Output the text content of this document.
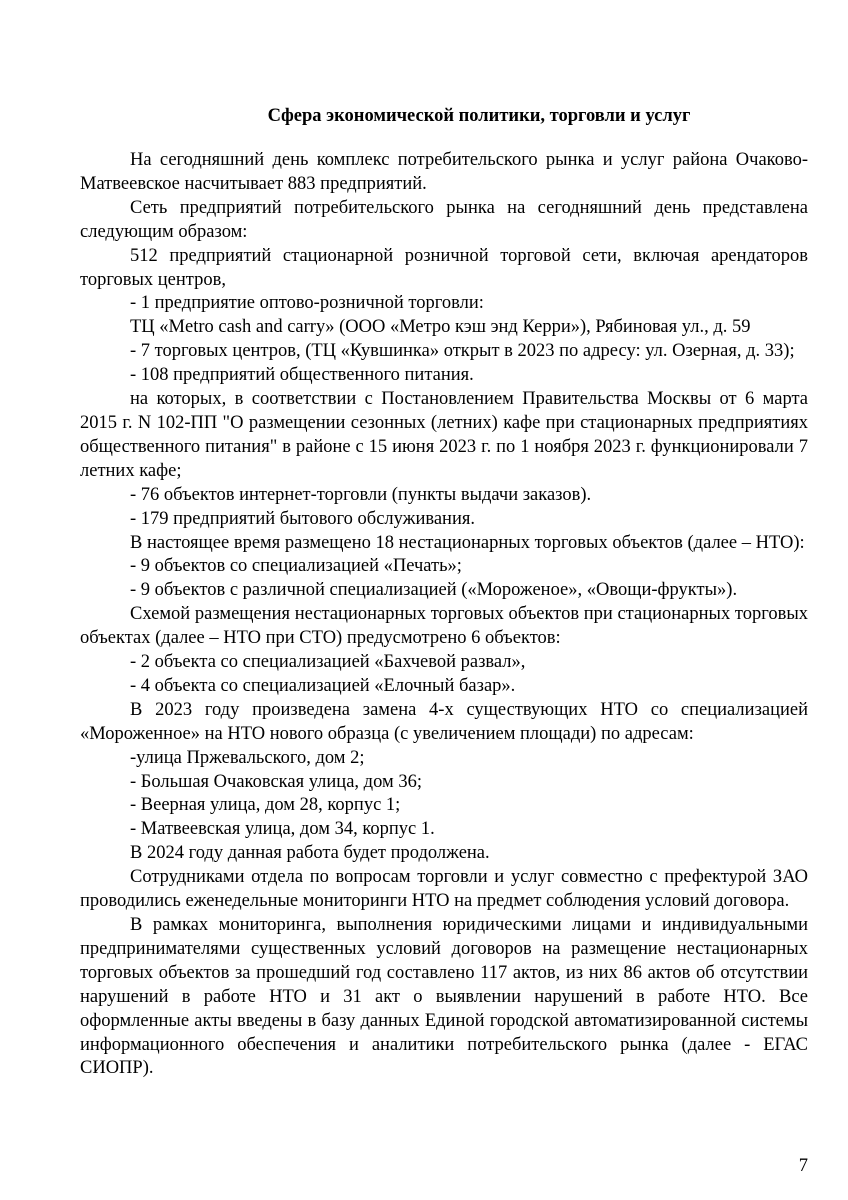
Сфера экономической политики, торговли и услуг

На сегодняшний день комплекс потребительского рынка и услуг района Очаково-Матвеевское насчитывает 883 предприятий.

Сеть предприятий потребительского рынка на сегодняшний день представлена следующим образом:

512 предприятий стационарной розничной торговой сети, включая арендаторов торговых центров,

- 1 предприятие оптово-розничной торговли:

ТЦ «Metro cash and carry» (ООО «Метро кэш энд Керри»), Рябиновая ул., д. 59

- 7 торговых центров, (ТЦ «Кувшинка» открыт в 2023 по адресу: ул. Озерная, д. 33);

- 108 предприятий общественного питания.

на которых, в соответствии с Постановлением Правительства Москвы от 6 марта 2015 г. N 102-ПП "О размещении сезонных (летних) кафе при стационарных предприятиях общественного питания" в районе с 15 июня 2023 г. по 1 ноября 2023 г. функционировали 7 летних кафе;

- 76 объектов интернет-торговли (пункты выдачи заказов).

- 179 предприятий бытового обслуживания.

В настоящее время размещено 18 нестационарных торговых объектов (далее – НТО):

- 9 объектов со специализацией «Печать»;

- 9 объектов с различной специализацией («Мороженое», «Овощи-фрукты»).

Схемой размещения нестационарных торговых объектов при стационарных торговых объектах (далее – НТО при СТО) предусмотрено 6 объектов:

- 2 объекта со специализацией «Бахчевой развал»,

- 4 объекта со специализацией «Елочный базар».

В 2023 году произведена замена 4-х существующих НТО со специализацией «Мороженное» на НТО нового образца (с увеличением площади) по адресам:

-улица Пржевальского, дом 2;

- Большая Очаковская улица, дом 36;

- Веерная улица, дом 28, корпус 1;

- Матвеевская улица, дом 34, корпус 1.

В 2024 году данная работа будет продолжена.

Сотрудниками отдела по вопросам торговли и услуг совместно с префектурой ЗАО проводились еженедельные мониторинги НТО на предмет соблюдения условий договора.

В рамках мониторинга, выполнения юридическими лицами и индивидуальными предпринимателями существенных условий договоров на размещение нестационарных торговых объектов за прошедший год составлено 117 актов, из них 86 актов об отсутствии нарушений в работе НТО и 31 акт о выявлении нарушений в работе НТО. Все оформленные акты введены в базу данных Единой городской автоматизированной системы информационного обеспечения и аналитики потребительского рынка (далее - ЕГАС СИОПР).

7
